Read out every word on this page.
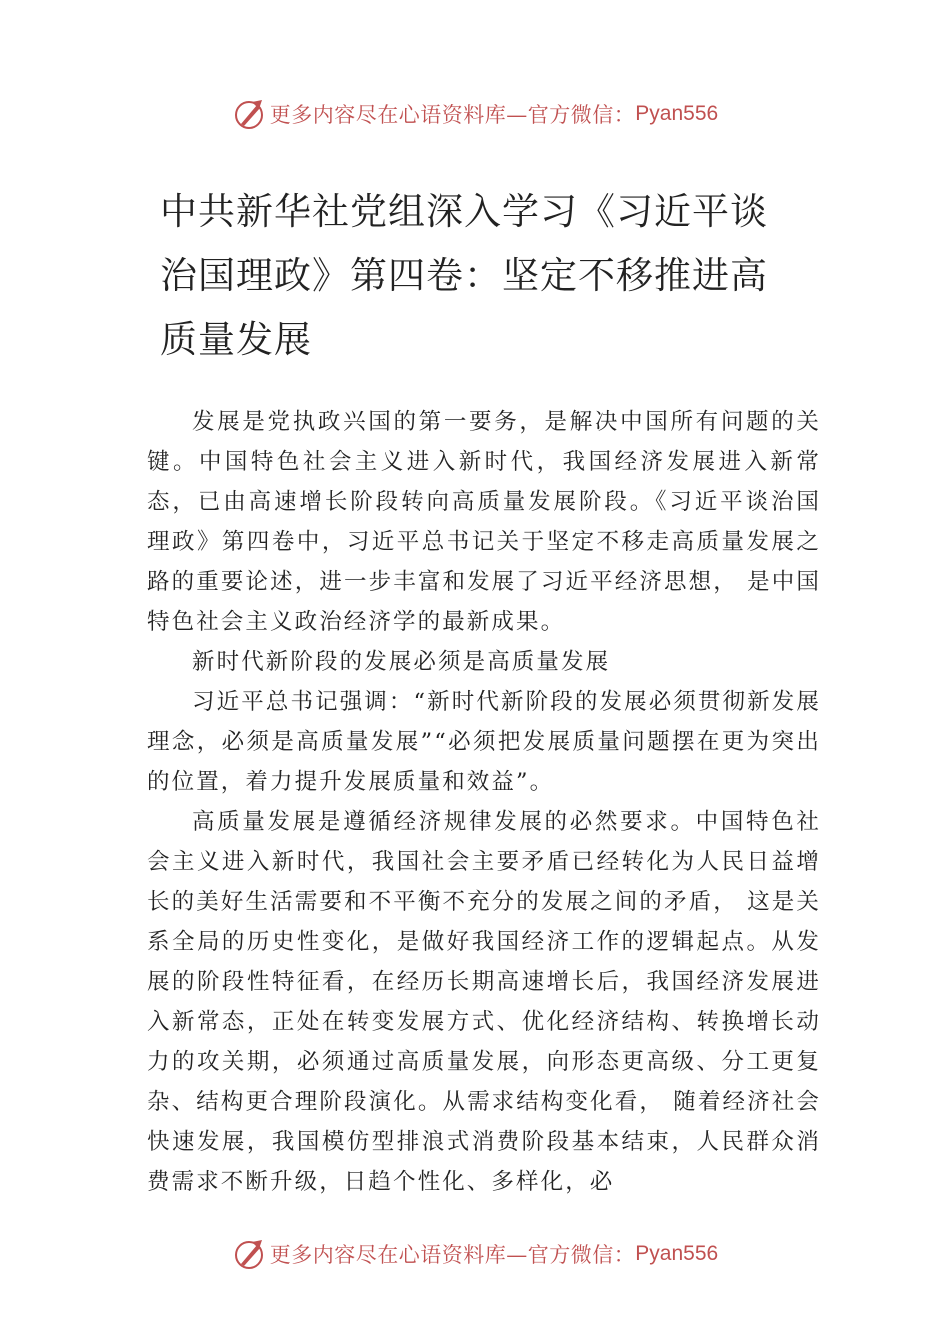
更多内容尽在心语资料库—官方微信： Pyan556
中共新华社党组深入学习《习近平谈治国理政》第四卷：坚定不移推进高质量发展

发展是党执政兴国的第一要务，是解决中国所有问题的关键。中国特色社会主义进入新时代，我国经济发展进入新常态，已由高速增长阶段转向高质量发展阶段。《习近平谈治国理政》第四卷中，习近平总书记关于坚定不移走高质量发展之路的重要论述，进一步丰富和发展了习近平经济思想， 是中国特色社会主义政治经济学的最新成果。

新时代新阶段的发展必须是高质量发展

习近平总书记强调：“新时代新阶段的发展必须贯彻新发展理念，必须是高质量发展”“必须把发展质量问题摆在更为突出的位置，着力提升发展质量和效益”。

高质量发展是遵循经济规律发展的必然要求。中国特色社会主义进入新时代，我国社会主要矛盾已经转化为人民日益增长的美好生活需要和不平衡不充分的发展之间的矛盾， 这是关系全局的历史性变化，是做好我国经济工作的逻辑起点。从发展的阶段性特征看，在经历长期高速增长后，我国经济发展进入新常态，正处在转变发展方式、优化经济结构、转换增长动力的攻关期，必须通过高质量发展，向形态更高级、分工更复杂、结构更合理阶段演化。从需求结构变化看， 随着经济社会快速发展，我国模仿型排浪式消费阶段基本结束，人民群众消费需求不断升级，日趋个性化、多样化，必

更多内容尽在心语资料库—官方微信： Pyan556
